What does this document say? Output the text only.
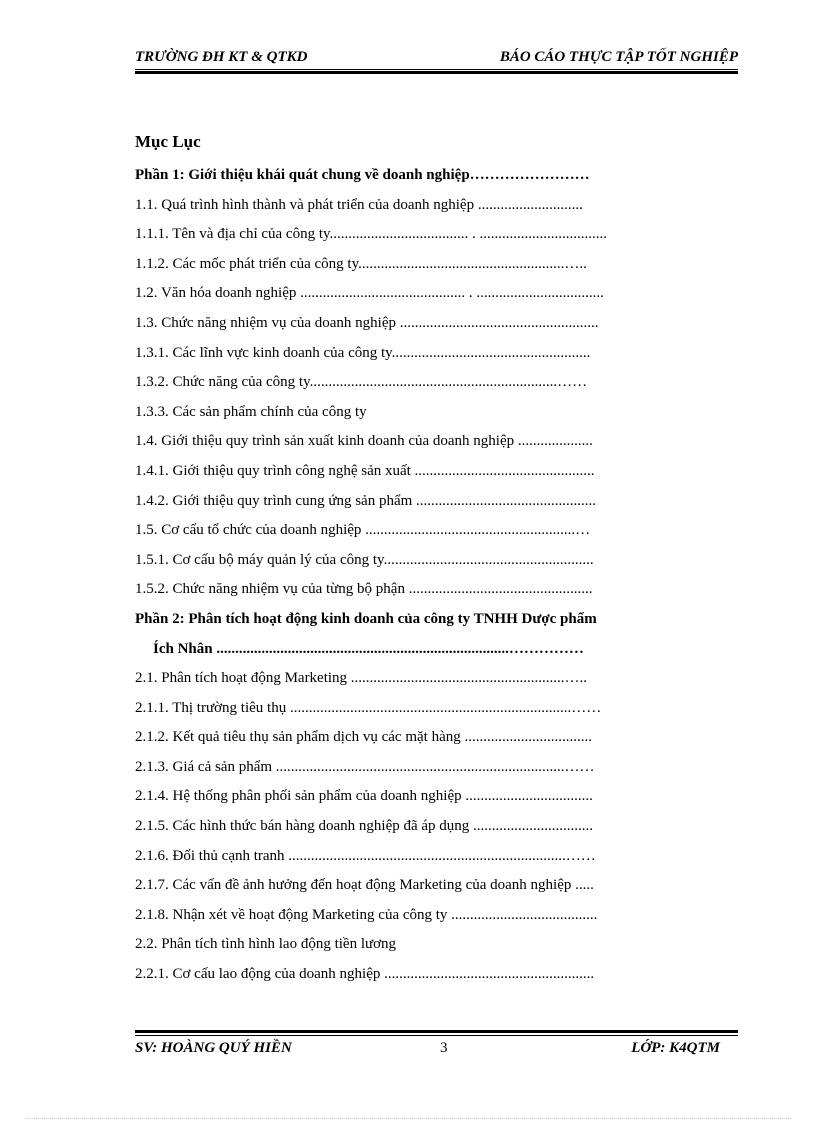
TRƯỜNG ĐH KT & QTKD	BÁO CÁO THỰC TẬP TỐT NGHIỆP
Mục Lục
Phần 1: Giới thiệu khái quát chung về doanh nghiệp……………………
1.1. Quá trình hình thành và phát triển của doanh nghiệp ............................
1.1.1. Tên và địa chỉ của công ty..................................... . ..................................
1.1.2. Các mốc phát triển của công ty.......................................................…..
1.2. Văn hóa doanh nghiệp ............................................ . ..................................
1.3. Chức năng nhiệm vụ của doanh nghiệp .....................................................
1.3.1. Các lĩnh vực kinh doanh của công ty.....................................................
1.3.2. Chức năng của công ty..................................................................……
1.3.3. Các sản phẩm chính của công ty
1.4. Giới thiệu quy trình sản xuất kinh doanh của doanh nghiệp ....................
1.4.1. Giới thiệu quy trình công nghệ sản xuất ................................................
1.4.2. Giới thiệu quy trình cung ứng sản phẩm ................................................
1.5. Cơ cấu tổ chức của doanh nghiệp ........................................................…
1.5.1. Cơ cấu bộ máy quản lý của công ty........................................................
1.5.2. Chức năng nhiệm vụ của từng bộ phận .................................................
Phần 2: Phân tích hoạt động kinh doanh của công ty TNHH Dược phẩm
Ích Nhân ..............................................................................……………
2.1. Phân tích hoạt động Marketing .........................................................…..
2.1.1. Thị trường tiêu thụ ...........................................................................……
2.1.2. Kết quả tiêu thụ sản phẩm dịch vụ các mặt hàng ..................................
2.1.3. Giá cả sản phẩm .............................................................................……
2.1.4. Hệ thống phân phối sản phẩm của doanh nghiệp ..................................
2.1.5. Các hình thức bán hàng doanh nghiệp đã áp dụng ................................
2.1.6. Đối thủ cạnh tranh ..........................................................................……
2.1.7. Các vấn đề ảnh hưởng đến hoạt động Marketing của doanh nghiệp .....
2.1.8. Nhận xét về hoạt động Marketing của công ty .......................................
2.2. Phân tích tình hình lao động tiền lương
2.2.1. Cơ cấu lao động của doanh nghiệp ........................................................
SV: HOÀNG QUÝ HIỀN	3	LỚP: K4QTM
